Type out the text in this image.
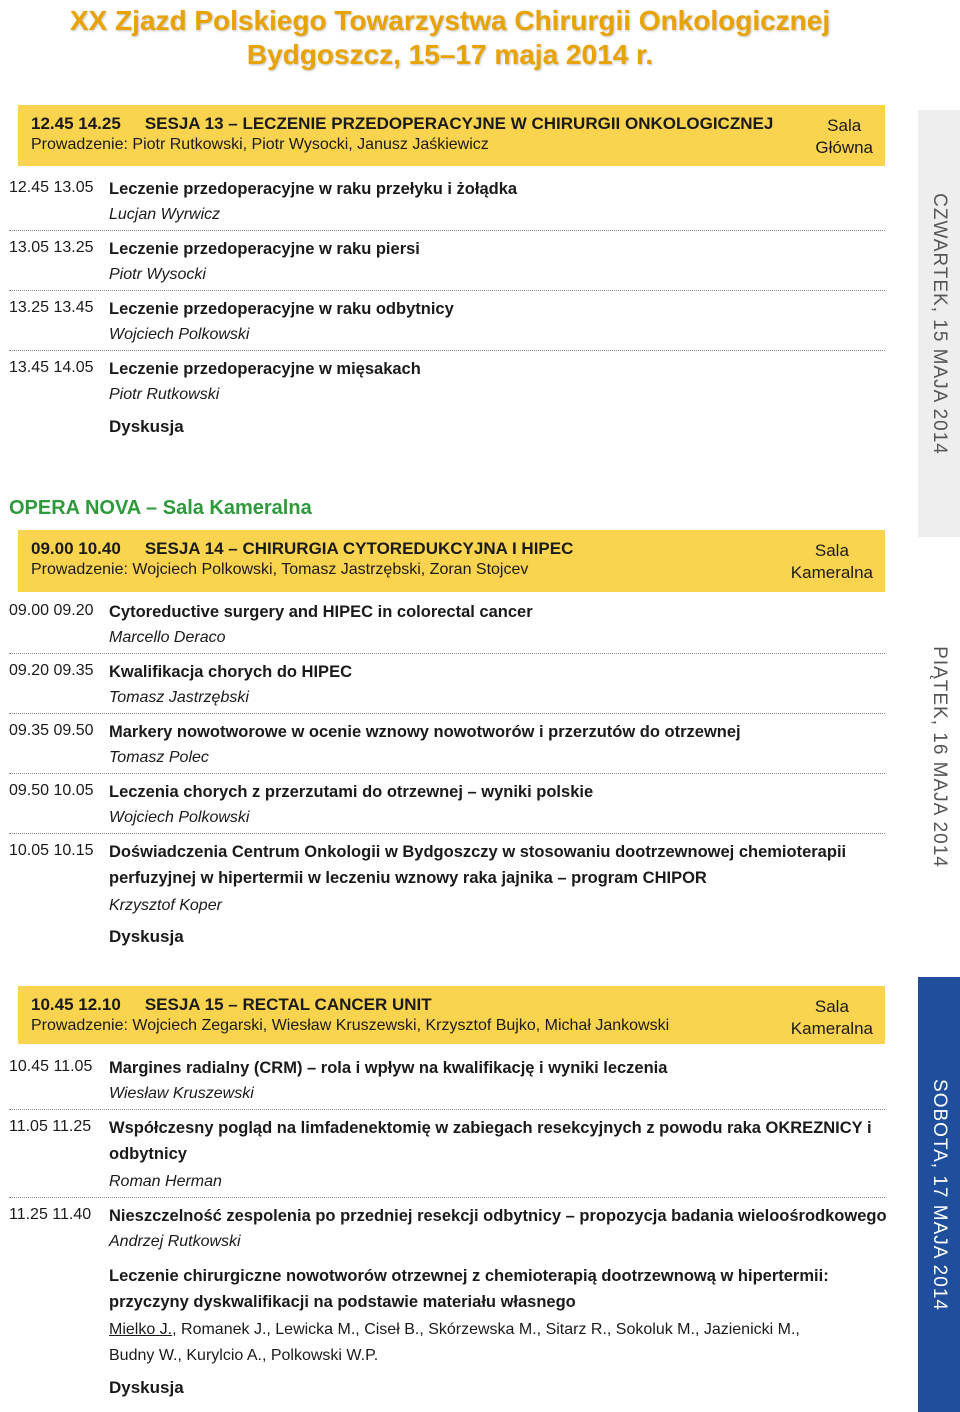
XX Zjazd Polskiego Towarzystwa Chirurgii Onkologicznej
Bydgoszcz, 15–17 maja 2014 r.
CZWARTEK, 15 MAJA 2014
PIĄTEK, 16 MAJA 2014
SOBOTA, 17 MAJA 2014
12.45 14.25 SESJA 13 – LECZENIE PRZEDOPERACYJNE W CHIRURGII ONKOLOGICZNEJ
Prowadzenie: Piotr Rutkowski, Piotr Wysocki, Janusz Jaśkiewicz
Sala
Główna
12.45 13.05 Leczenie przedoperacyjne w raku przełyku i żołądka
Lucjan Wyrwicz
13.05 13.25 Leczenie przedoperacyjne w raku piersi
Piotr Wysocki
13.25 13.45 Leczenie przedoperacyjne w raku odbytnicy
Wojciech Polkowski
13.45 14.05 Leczenie przedoperacyjne w mięsakach
Piotr Rutkowski
Dyskusja
OPERA NOVA – Sala Kameralna
09.00 10.40 SESJA 14 – CHIRURGIA CYTOREDUKCYJNA I HIPEC
Prowadzenie: Wojciech Polkowski, Tomasz Jastrzębski, Zoran Stojcev
Sala
Kameralna
09.00 09.20 Cytoreductive surgery and HIPEC in colorectal cancer
Marcello Deraco
09.20 09.35 Kwalifikacja chorych do HIPEC
Tomasz Jastrzębski
09.35 09.50 Markery nowotworowe w ocenie wznowy nowotworów i przerzutów do otrzewnej
Tomasz Polec
09.50 10.05 Leczenia chorych z przerzutami do otrzewnej – wyniki polskie
Wojciech Polkowski
10.05 10.15 Doświadczenia Centrum Onkologii w Bydgoszczy w stosowaniu dootrzewnowej chemioterapii perfuzyjnej w hipertermii w leczeniu wznowy raka jajnika – program CHIPOR
Krzysztof Koper
Dyskusja
10.45 12.10 SESJA 15 – RECTAL CANCER UNIT
Prowadzenie: Wojciech Zegarski, Wiesław Kruszewski, Krzysztof Bujko, Michał Jankowski
Sala
Kameralna
10.45 11.05 Margines radialny (CRM) – rola i wpływ na kwalifikację i wyniki leczenia
Wiesław Kruszewski
11.05 11.25 Współczesny pogląd na limfadenektomię w zabiegach resekcyjnych z powodu raka OKREZNICY i odbytnicy
Roman Herman
11.25 11.40 Nieszczelność zespolenia po przedniej resekcji odbytnicy – propozycja badania wieloośrodkowego
Andrzej Rutkowski
Leczenie chirurgiczne nowotworów otrzewnej z chemioterapią dootrzewnową w hipertermii: przyczyny dyskwalifikacji na podstawie materiału własnego
Mielko J., Romanek J., Lewicka M., Ciseł B., Skórzewska M., Sitarz R., Sokoluk M., Jazienicki M.,
Budny W., Kurylcio A., Polkowski W.P.
Dyskusja
